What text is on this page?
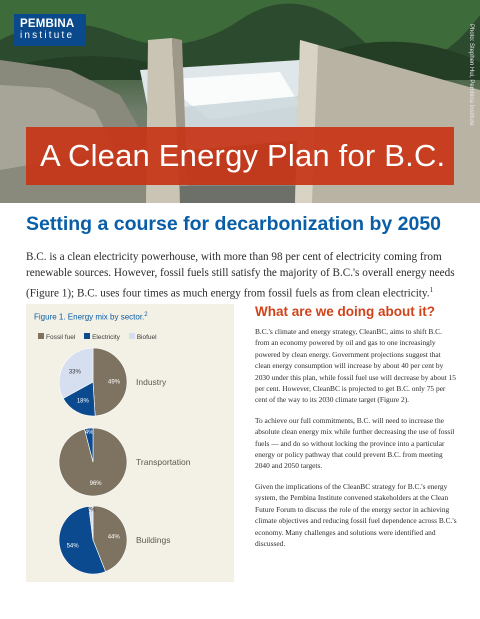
PEMBINA
institute	Photo: Stephen Hui, Pembina Institute
A Clean Energy Plan for B.C.
Setting a course for decarbonization by 2050

B.C. is a clean electricity powerhouse, with more than 98 per cent of electricity coming from renewable sources. However, fossil fuels still satisfy the majority of B.C.'s overall energy needs (Figure 1); B.C. uses four times as much energy from fossil fuels as from clean electricity.$^1$

Figure 1. Energy mix by sector.$^2$
Fossil fuel	Electricity	Biofuel
49%
18%
33%
Industry
96%
4%
Transportation
44%
54%
2%
Buildings
What are we doing about it?

B.C.'s climate and energy strategy, CleanBC, aims to shift B.C. from an economy powered by oil and gas to one increasingly powered by clean energy. Government projections suggest that clean energy consumption will increase by about 40 per cent by 2030 under this plan, while fossil fuel use will decrease by about 15 per cent. However, CleanBC is projected to get B.C. only 75 per cent of the way to its 2030 climate target (Figure 2).

To achieve our full commitments, B.C. will need to increase the absolute clean energy mix while further decreasing the use of fossil fuels — and do so without locking the province into a particular energy or policy pathway that could prevent B.C. from meeting 2040 and 2050 targets.

Given the implications of the CleanBC strategy for B.C.'s energy system, the Pembina Institute convened stakeholders at the Clean Future Forum to discuss the role of the energy sector in achieving climate objectives and reducing fossil fuel dependence across B.C.'s economy. Many challenges and solutions were identified and discussed.
